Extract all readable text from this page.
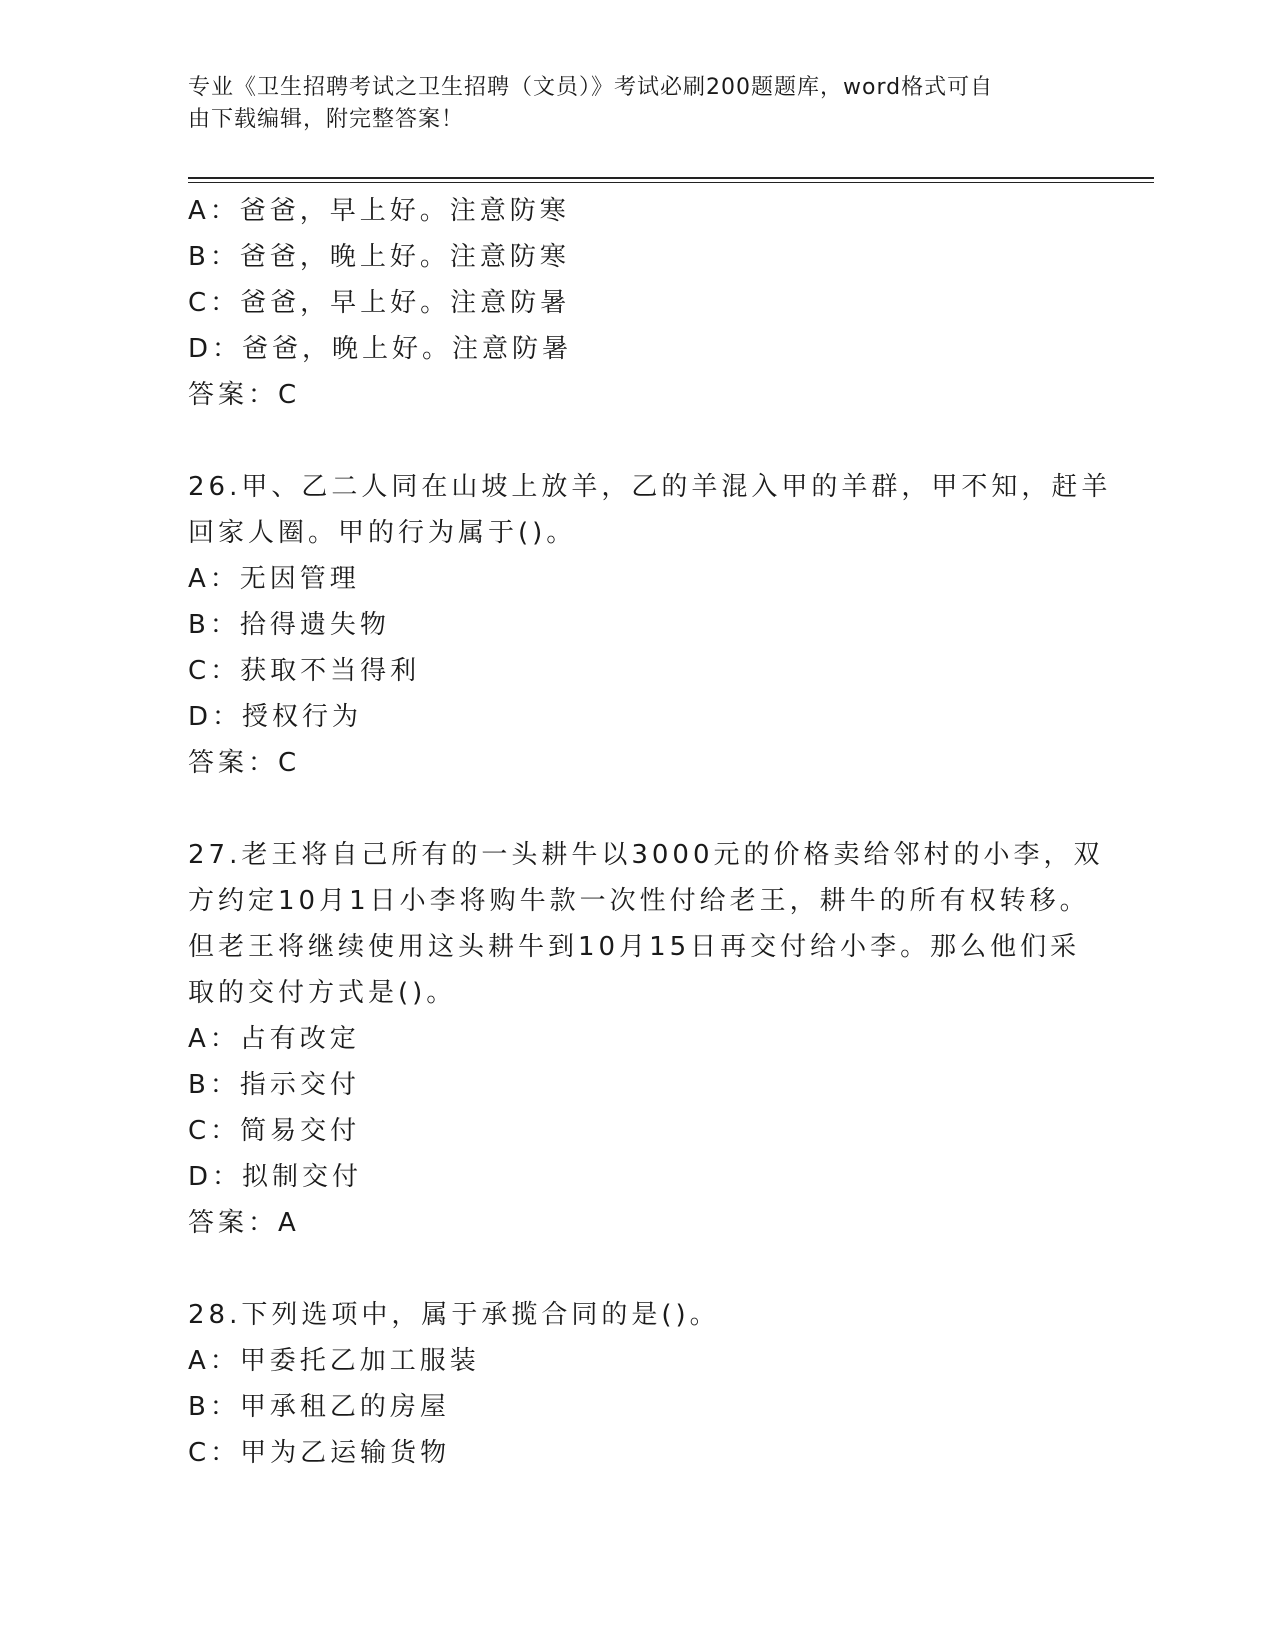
专业《卫生招聘考试之卫生招聘（文员）》考试必刷200题题库，word格式可自
由下载编辑，附完整答案！
A：爸爸，早上好。注意防寒
B：爸爸，晚上好。注意防寒
C：爸爸，早上好。注意防暑
D：爸爸，晚上好。注意防暑
答案：C
26.甲、乙二人同在山坡上放羊，乙的羊混入甲的羊群，甲不知，赶羊
回家人圈。甲的行为属于()。
A：无因管理
B：拾得遗失物
C：获取不当得利
D：授权行为
答案：C
27.老王将自己所有的一头耕牛以3000元的价格卖给邻村的小李，双
方约定10月1日小李将购牛款一次性付给老王，耕牛的所有权转移。
但老王将继续使用这头耕牛到10月15日再交付给小李。那么他们采
取的交付方式是()。
A：占有改定
B：指示交付
C：简易交付
D：拟制交付
答案：A
28.下列选项中，属于承揽合同的是()。
A：甲委托乙加工服装
B：甲承租乙的房屋
C：甲为乙运输货物
